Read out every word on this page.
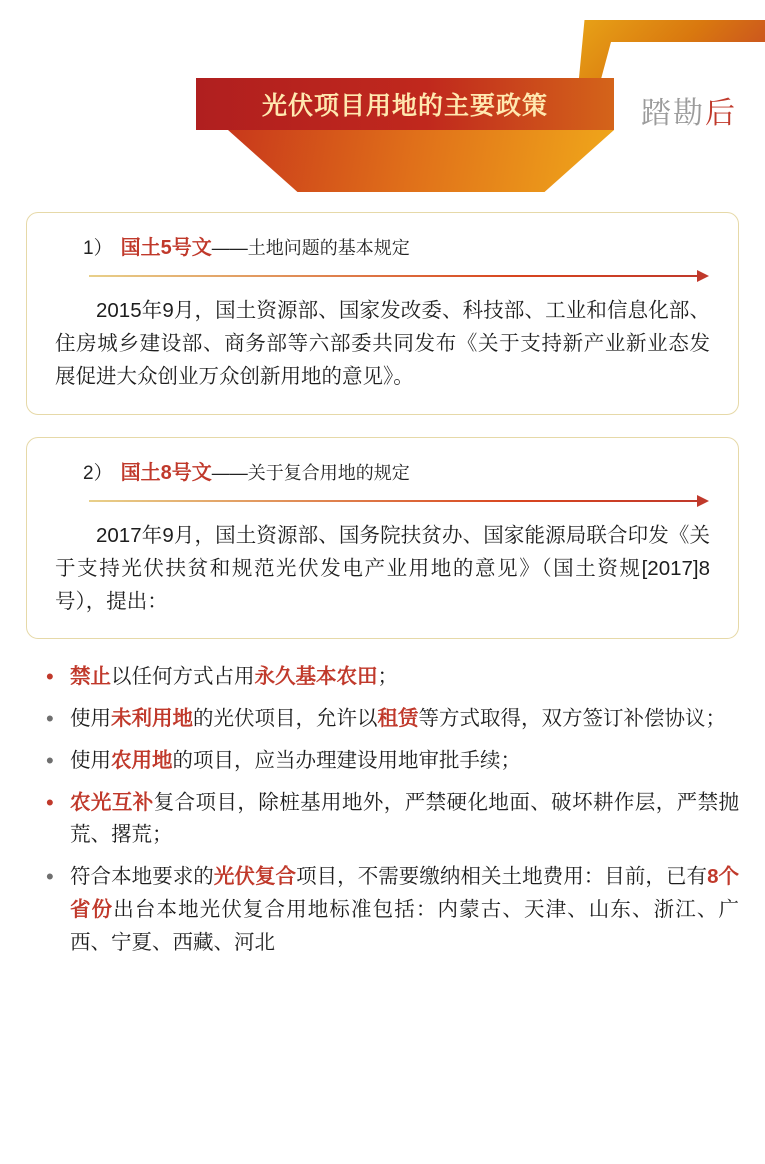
光伏项目用地的主要政策	踏勘后
1） 国土5号文 ——土地问题的基本规定

2015年9月，国土资源部、国家发改委、科技部、工业和信息化部、住房城乡建设部、商务部等六部委共同发布《关于支持新产业新业态发展促进大众创业万众创新用地的意见》。

2） 国土8号文 ——关于复合用地的规定

2017年9月，国土资源部、国务院扶贫办、国家能源局联合印发《关于支持光伏扶贫和规范光伏发电产业用地的意见》（国土资规[2017]8号），提出：

• 禁止以任何方式占用永久基本农田；
• 使用未利用地的光伏项目，允许以租赁等方式取得，双方签订补偿协议；
• 使用农用地的项目，应当办理建设用地审批手续；
• 农光互补复合项目，除桩基用地外，严禁硬化地面、破坏耕作层，严禁抛荒、撂荒；
• 符合本地要求的光伏复合项目，不需要缴纳相关土地费用：目前，已有8个省份出台本地光伏复合用地标准包括：内蒙古、天津、山东、浙江、广西、宁夏、西藏、河北
